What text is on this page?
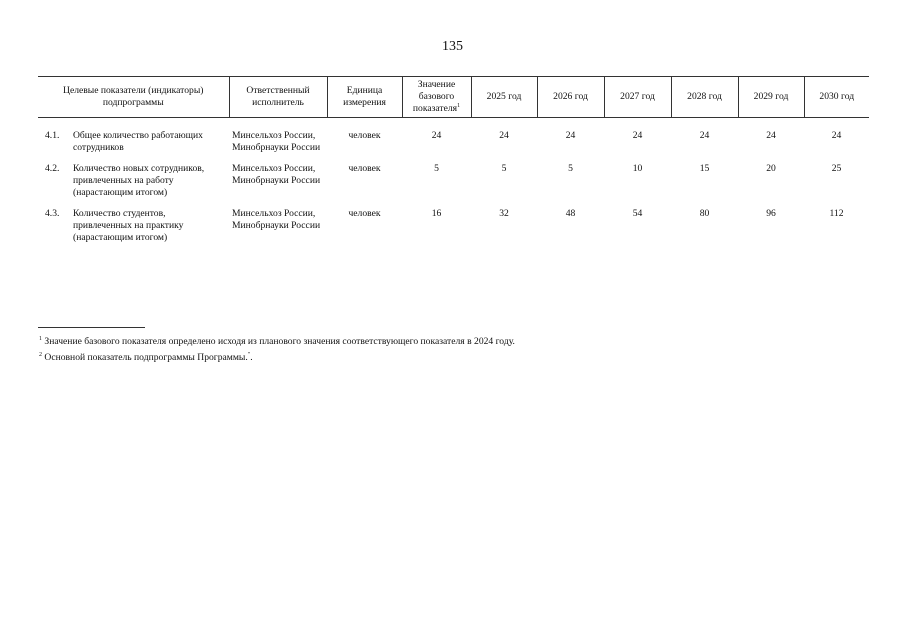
135
Целевые показатели (индикаторы) подпрограммы	Ответственный исполнитель	Единица измерения	Значение базового показателя$^1$	2025 год	2026 год	2027 год	2028 год	2029 год	2030 год

4.1. Общее количество работающих сотрудников	Минсельхоз России, Минобрнауки России	человек	24	24	24	24	24	24	24

4.2. Количество новых сотрудников, привлеченных на работу (нарастающим итогом)	Минсельхоз России, Минобрнауки России	человек	5	5	5	10	15	20	25

4.3. Количество студентов, привлеченных на практику (нарастающим итогом)	Минсельхоз России, Минобрнауки России	человек	16	32	48	54	80	96	112
$^1$ Значение базового показателя определено исходя из планового значения соответствующего показателя в 2024 году.
$^2$ Основной показатель подпрограммы Программы.".
